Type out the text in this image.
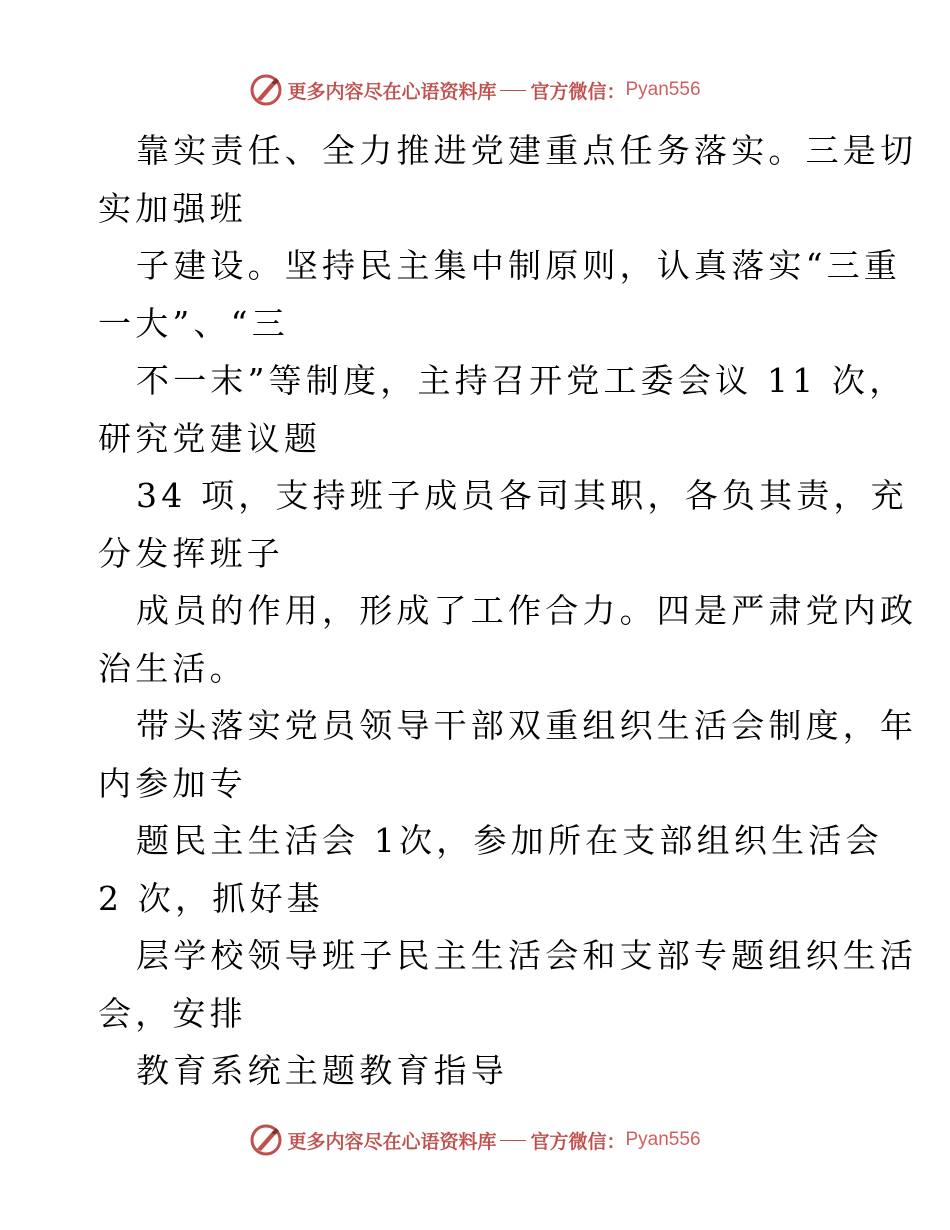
更多内容尽在心语资料库 官方微信： Pyan556
靠实责任、全力推进党建重点任务落实。三是切
实加强班
子建设。坚持民主集中制原则，认真落实“三重
一大”、“三
不一末”等制度，主持召开党工委会议 11 次，
研究党建议题
34 项，支持班子成员各司其职，各负其责，充
分发挥班子
成员的作用，形成了工作合力。四是严肃党内政
治生活。
带头落实党员领导干部双重组织生活会制度，年
内参加专
题民主生活会 1次，参加所在支部组织生活会
2 次，抓好基
层学校领导班子民主生活会和支部专题组织生活
会，安排
教育系统主题教育指导
更多内容尽在心语资料库 官方微信： Pyan556
